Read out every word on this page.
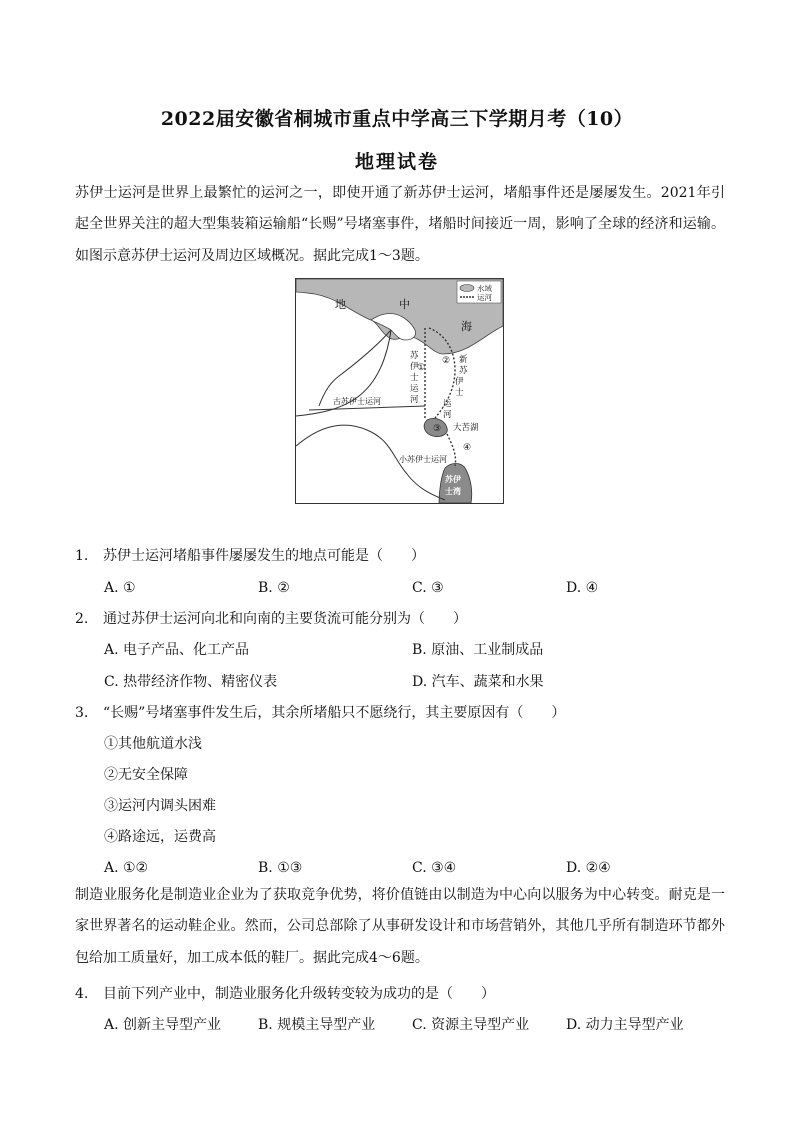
2022届安徽省桐城市重点中学高三下学期月考（10）
地理试卷
苏伊士运河是世界上最繁忙的运河之一，即使开通了新苏伊士运河，堵船事件还是屡屡发生。2021年引起全世界关注的超大型集装箱运输船“长赐”号堵塞事件，堵船时间接近一周，影响了全球的经济和运输。如图示意苏伊士运河及周边区域概况。据此完成1～3题。
水域
运河
地	中
海
苏
伊
士
运
河
新
苏
伊
士
运
河
古苏伊士运河
大苦湖
小苏伊士运河
苏伊
士湾
①
②
③
④
1. 苏伊士运河堵船事件屡屡发生的地点可能是（　　）
A. ①	B. ②	C. ③	D. ④
2. 通过苏伊士运河向北和向南的主要货流可能分别为（　　）
A. 电子产品、化工产品	B. 原油、工业制成品
C. 热带经济作物、精密仪表	D. 汽车、蔬菜和水果
3. “长赐”号堵塞事件发生后，其余所堵船只不愿绕行，其主要原因有（　　）
①其他航道水浅
②无安全保障
③运河内调头困难
④路途远，运费高
A. ①②	B. ①③	C. ③④	D. ②④
制造业服务化是制造业企业为了获取竞争优势，将价值链由以制造为中心向以服务为中心转变。耐克是一家世界著名的运动鞋企业。然而，公司总部除了从事研发设计和市场营销外，其他几乎所有制造环节都外包给加工质量好，加工成本低的鞋厂。据此完成4～6题。
4. 目前下列产业中，制造业服务化升级转变较为成功的是（　　）
A. 创新主导型产业	B. 规模主导型产业	C. 资源主导型产业	D. 动力主导型产业
